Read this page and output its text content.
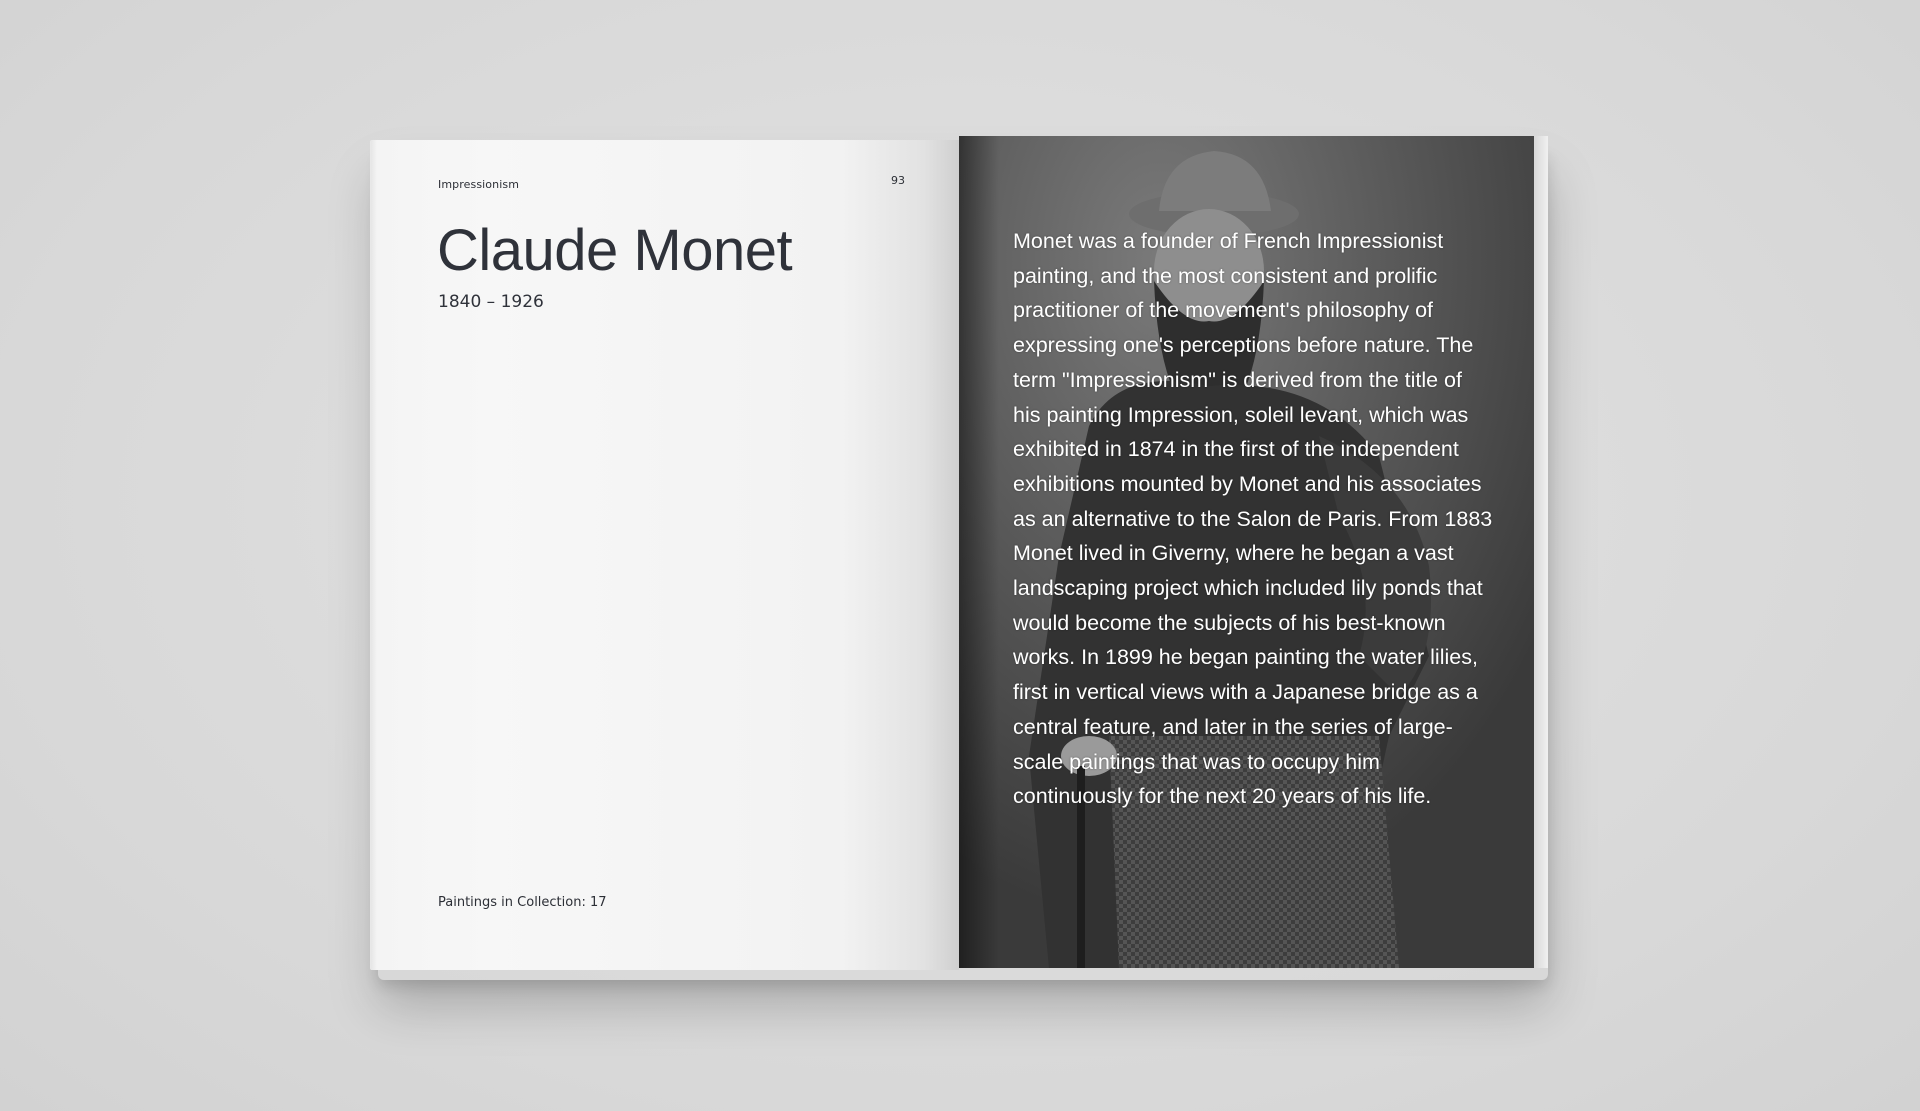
Impressionism	93
Claude Monet
1840 – 1926
Paintings in Collection: 17

Monet was a founder of French Impressionist painting, and the most consistent and prolific practitioner of the movement's philosophy of expressing one's perceptions before nature. The term "Impressionism" is derived from the title of his painting Impression, soleil levant, which was exhibited in 1874 in the first of the independent exhibitions mounted by Monet and his associates as an alternative to the Salon de Paris. From 1883 Monet lived in Giverny, where he began a vast landscaping project which included lily ponds that would become the subjects of his best-known works. In 1899 he began painting the water lilies, first in vertical views with a Japanese bridge as a central feature, and later in the series of large-scale paintings that was to occupy him continuously for the next 20 years of his life.
